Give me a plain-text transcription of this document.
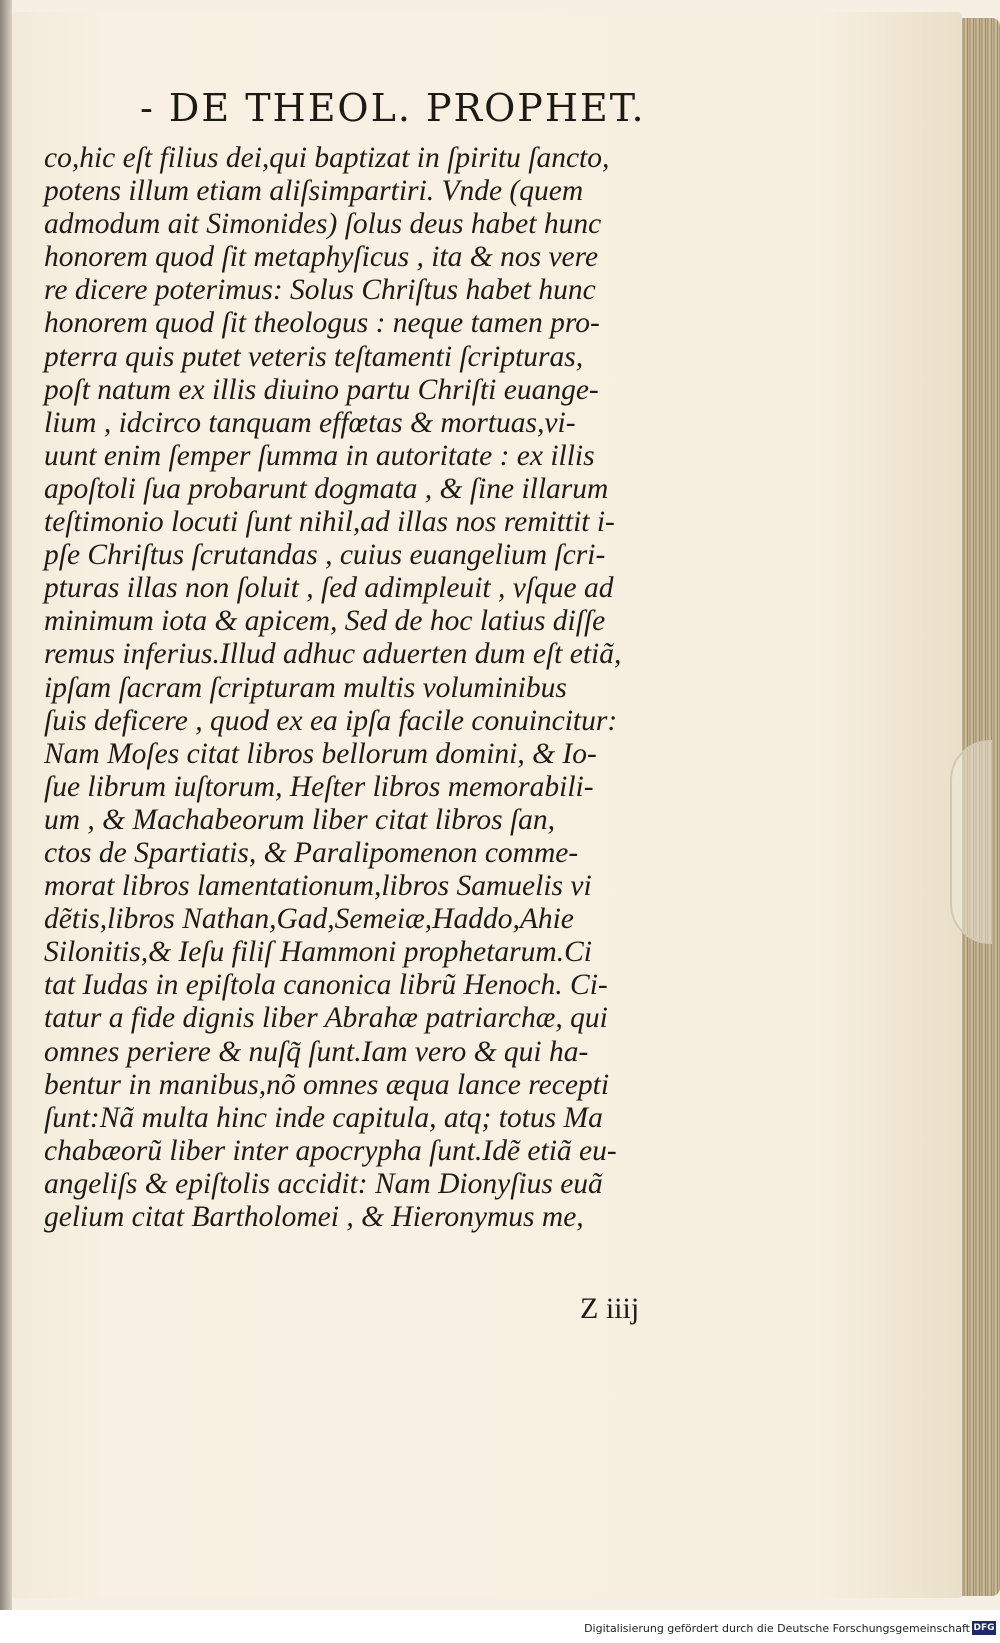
- DE THEOL. PROPHET.
co,hic eſt filius dei,qui baptizat in ſpiritu ſancto,
potens illum etiam aliſsimpartiri. Vnde (quem
admodum ait Simonides) ſolus deus habet hunc
honorem quod ſit metaphyſicus , ita & nos vere
re dicere poterimus: Solus Chriſtus habet hunc
honorem quod ſit theologus : neque tamen pro-
pterra quis putet veteris teſtamenti ſcripturas,
poſt natum ex illis diuino partu Chriſti euange-
lium , idcirco tanquam effœtas & mortuas,vi-
uunt enim ſemper ſumma in autoritate : ex illis
apoſtoli ſua probarunt dogmata , & ſine illarum
teſtimonio locuti ſunt nihil,ad illas nos remittit i-
pſe Chriſtus ſcrutandas , cuius euangelium ſcri-
pturas illas non ſoluit , ſed adimpleuit , vſque ad
minimum iota & apicem, Sed de hoc latius diſſe
remus inferius.Illud adhuc aduerten dum eſt etiã,
ipſam ſacram ſcripturam multis voluminibus
ſuis deficere , quod ex ea ipſa facile conuincitur:
Nam Moſes citat libros bellorum domini, & Io-
ſue librum iuſtorum, Heſter libros memorabili-
um , & Machabeorum liber citat libros ſan,
ctos de Spartiatis, & Paralipomenon comme-
morat libros lamentationum,libros Samuelis vi
dẽtis,libros Nathan,Gad,Semeiæ,Haddo,Ahie
Silonitis,& Ieſu filiſ Hammoni prophetarum.Ci
tat Iudas in epiſtola canonica librũ Henoch. Ci-
tatur a fide dignis liber Abrahæ patriarchæ, qui
omnes periere & nuſq̃ ſunt.Iam vero & qui ha-
bentur in manibus,nõ omnes æqua lance recepti
ſunt:Nã multa hinc inde capitula, atq; totus Ma
chabæorũ liber inter apocrypha ſunt.Idẽ etiã eu-
angeliſs & epiſtolis accidit: Nam Dionyſius euã
gelium citat Bartholomei , & Hieronymus me,
Z iiij
Digitalisierung gefördert durch die Deutsche Forschungsgemeinschaft DFG
